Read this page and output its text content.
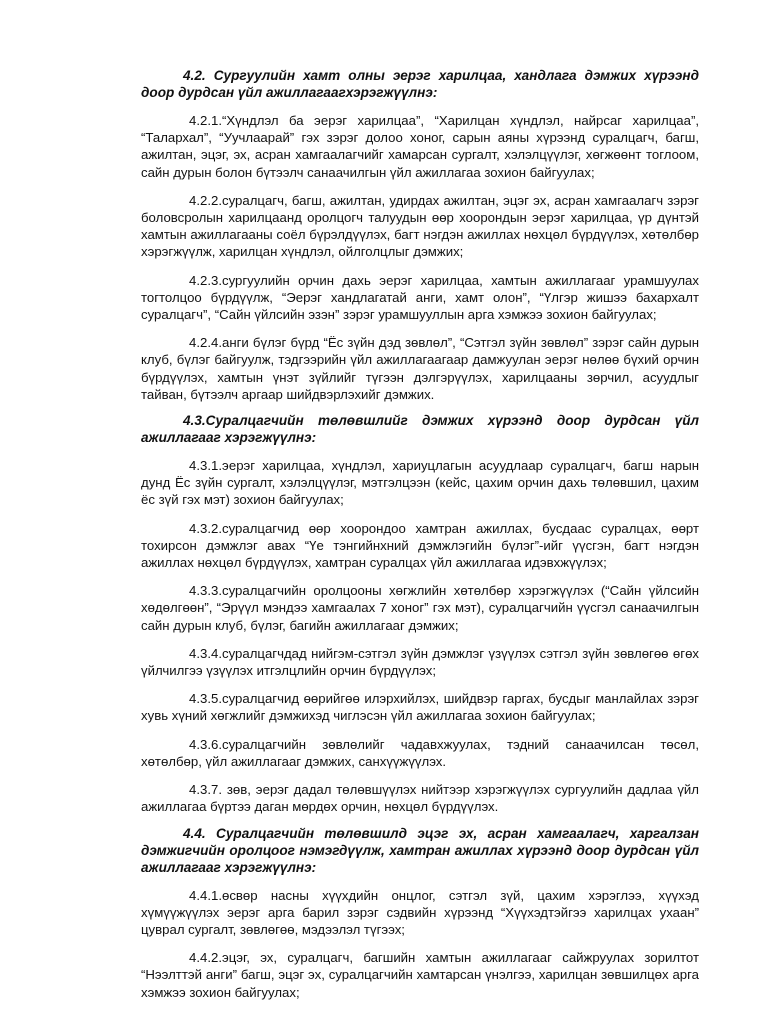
4.2. Сургуулийн хамт олны эерэг харилцаа, хандлага дэмжих хүрээнд доор дурдсан үйл ажиллагаагхэрэгжүүлнэ:
4.2.1.“Хүндлэл ба эерэг харилцаа”, “Харилцан хүндлэл, найрсаг харилцаа”, “Талархал”, “Уучлаарай” гэх зэрэг долоо хоног, сарын аяны хүрээнд суралцагч, багш, ажилтан, эцэг, эх, асран хамгаалагчийг хамарсан сургалт, хэлэлцүүлэг, хөгжөөнт тоглоом, сайн дурын болон бүтээлч санаачилгын үйл ажиллагаа зохион байгуулах;
4.2.2.суралцагч, багш, ажилтан, удирдах ажилтан, эцэг эх, асран хамгаалагч зэрэг боловсролын харилцаанд оролцогч талуудын өөр хоорондын эерэг харилцаа, үр дүнтэй хамтын ажиллагааны соёл бүрэлдүүлэх, багт нэгдэн ажиллах нөхцөл бүрдүүлэх, хөтөлбөр хэрэгжүүлж, харилцан хүндлэл, ойлголцлыг дэмжих;
4.2.3.сургуулийн орчин дахь эерэг харилцаа, хамтын ажиллагааг урамшуулах тогтолцоо бүрдүүлж, “Эерэг хандлагатай анги, хамт олон”, “Үлгэр жишээ бахархалт суралцагч”, “Сайн үйлсийн эзэн” зэрэг урамшууллын арга хэмжээ зохион байгуулах;
4.2.4.анги бүлэг бүрд “Ёс зүйн дэд зөвлөл”, “Сэтгэл зүйн зөвлөл” зэрэг сайн дурын клуб, бүлэг байгуулж, тэдгээрийн үйл ажиллагаагаар дамжуулан эерэг нөлөө бүхий орчин бүрдүүлэх, хамтын үнэт зүйлийг түгээн дэлгэрүүлэх, харилцааны зөрчил, асуудлыг тайван, бүтээлч аргаар шийдвэрлэхийг дэмжих.
4.3.Суралцагчийн төлөвшлийг дэмжих хүрээнд доор дурдсан үйл ажиллагааг хэрэгжүүлнэ:
4.3.1.эерэг харилцаа, хүндлэл, хариуцлагын асуудлаар суралцагч, багш нарын дунд Ёс зүйн сургалт, хэлэлцүүлэг, мэтгэлцээн (кейс, цахим орчин дахь төлөвшил, цахим ёс зүй гэх мэт) зохион байгуулах;
4.3.2.суралцагчид өөр хоорондоо хамтран ажиллах, бусдаас суралцах, өөрт тохирсон дэмжлэг авах “Үе тэнгийнхний дэмжлэгийн бүлэг”-ийг үүсгэн, багт нэгдэн ажиллах нөхцөл бүрдүүлэх, хамтран суралцах үйл ажиллагаа идэвхжүүлэх;
4.3.3.суралцагчийн оролцооны хөгжлийн хөтөлбөр хэрэгжүүлэх (“Сайн үйлсийн хөдөлгөөн”, “Эрүүл мэндээ хамгаалах 7 хоног” гэх мэт), суралцагчийн үүсгэл санаачилгын сайн дурын клуб, бүлэг, багийн ажиллагааг дэмжих;
4.3.4.суралцагчдад нийгэм-сэтгэл зүйн дэмжлэг үзүүлэх сэтгэл зүйн зөвлөгөө өгөх үйлчилгээ үзүүлэх итгэлцлийн орчин бүрдүүлэх;
4.3.5.суралцагчид өөрийгөө илэрхийлэх, шийдвэр гаргах, бусдыг манлайлах зэрэг хувь хүний хөгжлийг дэмжихэд чиглэсэн үйл ажиллагаа зохион байгуулах;
4.3.6.суралцагчийн зөвлөлийг чадавхжуулах, тэдний санаачилсан төсөл, хөтөлбөр, үйл ажиллагааг дэмжих, санхүүжүүлэх.
4.3.7. зөв, эерэг дадал төлөвшүүлэх нийтээр хэрэгжүүлэх сургуулийн дадлаа үйл ажиллагаа бүртээ даган мөрдөх орчин, нөхцөл бүрдүүлэх.
4.4. Суралцагчийн төлөвшилд эцэг эх, асран хамгаалагч, харгалзан дэмжигчийн оролцоог нэмэгдүүлж, хамтран ажиллах хүрээнд доор дурдсан үйл ажиллагааг хэрэгжүүлнэ:
4.4.1.өсвөр насны хүүхдийн онцлог, сэтгэл зүй, цахим хэрэглээ, хүүхэд хүмүүжүүлэх эерэг арга барил зэрэг сэдвийн хүрээнд “Хүүхэдтэйгээ харилцах ухаан” цуврал сургалт, зөвлөгөө, мэдээлэл түгээх;
4.4.2.эцэг, эх, суралцагч, багшийн хамтын ажиллагааг сайжруулах зорилтот “Нээлттэй анги” багш, эцэг эх, суралцагчийн хамтарсан үнэлгээ, харилцан зөвшилцөх арга хэмжээ зохион байгуулах;
